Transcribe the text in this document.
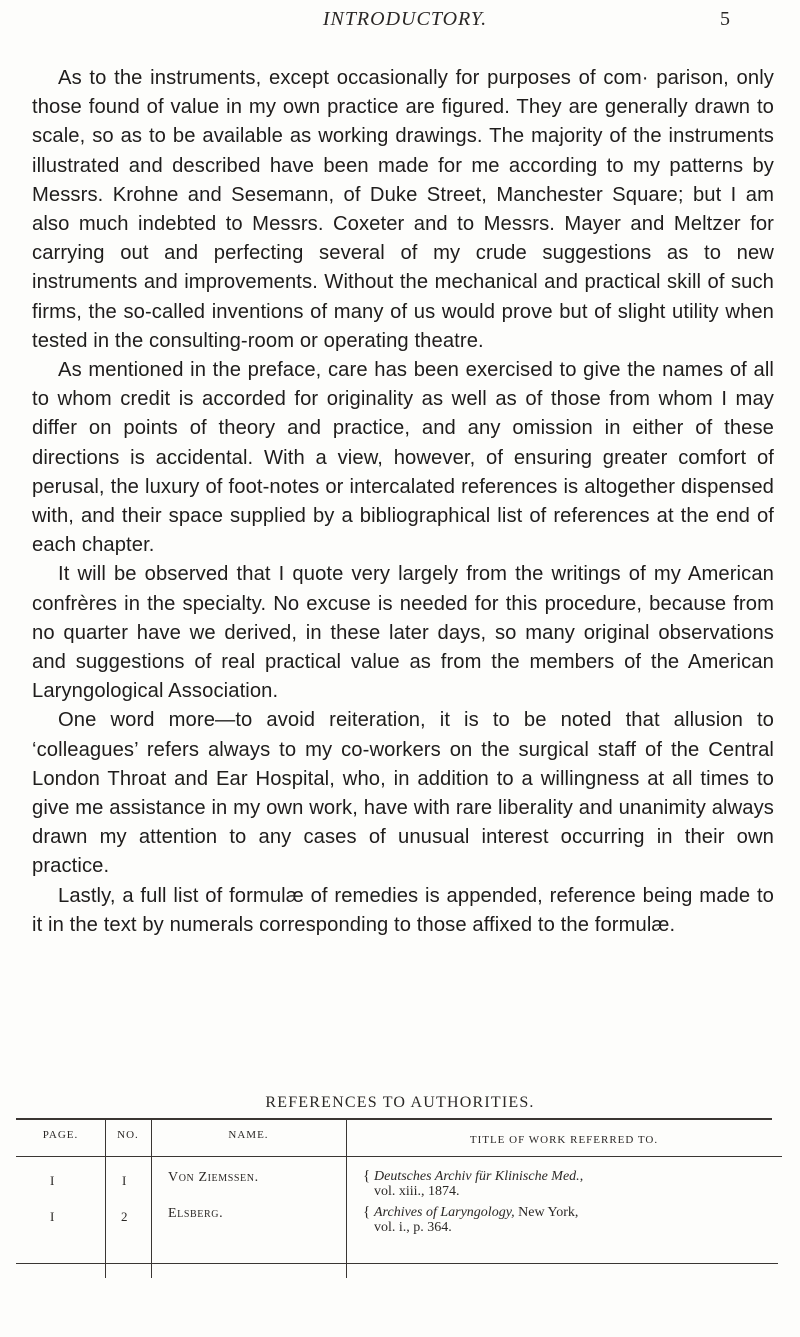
INTRODUCTORY.	5

As to the instruments, except occasionally for purposes of com· parison, only those found of value in my own practice are figured. They are generally drawn to scale, so as to be available as working drawings. The majority of the instruments illustrated and described have been made for me according to my patterns by Messrs. Krohne and Sesemann, of Duke Street, Manchester Square; but I am also much indebted to Messrs. Coxeter and to Messrs. Mayer and Meltzer for carrying out and perfecting several of my crude suggestions as to new instruments and improvements. Without the mechanical and practical skill of such firms, the so-called inventions of many of us would prove but of slight utility when tested in the consulting-room or operating theatre.

As mentioned in the preface, care has been exercised to give the names of all to whom credit is accorded for originality as well as of those from whom I may differ on points of theory and practice, and any omission in either of these directions is accidental. With a view, however, of ensuring greater comfort of perusal, the luxury of foot-notes or intercalated references is altogether dispensed with, and their space supplied by a bibliographical list of references at the end of each chapter.

It will be observed that I quote very largely from the writings of my American confrères in the specialty. No excuse is needed for this procedure, because from no quarter have we derived, in these later days, so many original observations and suggestions of real practical value as from the members of the American Laryngological Association.

One word more—to avoid reiteration, it is to be noted that allusion to ‘colleagues’ refers always to my co-workers on the surgical staff of the Central London Throat and Ear Hospital, who, in addition to a willingness at all times to give me assistance in my own work, have with rare liberality and unanimity always drawn my attention to any cases of unusual interest occurring in their own practice.

Lastly, a full list of formulæ of remedies is appended, reference being made to it in the text by numerals corresponding to those affixed to the formulæ.

REFERENCES TO AUTHORITIES.
PAGE.	NO.	NAME.	TITLE OF WORK REFERRED TO.
I	I	Von Ziemssen.	{ Deutsches Archiv für Klinische Med.,
vol. xiii., 1874.
I	2	Elsberg.	{ Archives of Laryngology, New York,
vol. i., p. 364.
